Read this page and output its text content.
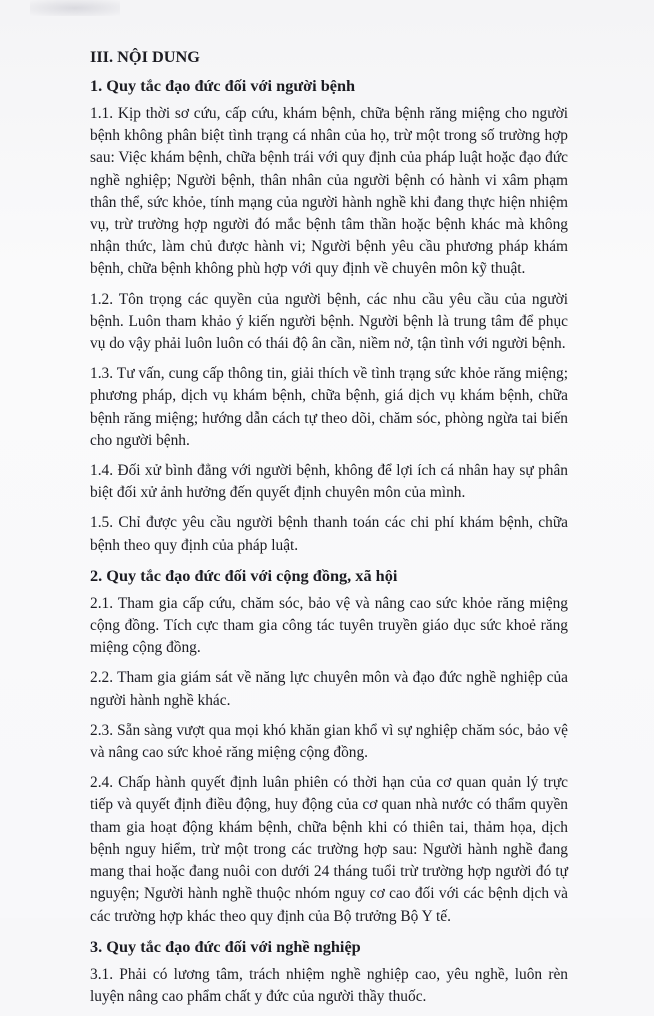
III. NỘI DUNG

1. Quy tắc đạo đức đối với người bệnh

1.1. Kịp thời sơ cứu, cấp cứu, khám bệnh, chữa bệnh răng miệng cho người bệnh không phân biệt tình trạng cá nhân của họ, trừ một trong số trường hợp sau: Việc khám bệnh, chữa bệnh trái với quy định của pháp luật hoặc đạo đức nghề nghiệp; Người bệnh, thân nhân của người bệnh có hành vi xâm phạm thân thể, sức khỏe, tính mạng của người hành nghề khi đang thực hiện nhiệm vụ, trừ trường hợp người đó mắc bệnh tâm thần hoặc bệnh khác mà không nhận thức, làm chủ được hành vi; Người bệnh yêu cầu phương pháp khám bệnh, chữa bệnh không phù hợp với quy định về chuyên môn kỹ thuật.

1.2. Tôn trọng các quyền của người bệnh, các nhu cầu yêu cầu của người bệnh. Luôn tham khảo ý kiến người bệnh. Người bệnh là trung tâm để phục vụ do vậy phải luôn luôn có thái độ ân cần, niềm nở, tận tình với người bệnh.

1.3. Tư vấn, cung cấp thông tin, giải thích về tình trạng sức khỏe răng miệng; phương pháp, dịch vụ khám bệnh, chữa bệnh, giá dịch vụ khám bệnh, chữa bệnh răng miệng; hướng dẫn cách tự theo dõi, chăm sóc, phòng ngừa tai biến cho người bệnh.

1.4. Đối xử bình đẳng với người bệnh, không để lợi ích cá nhân hay sự phân biệt đối xử ảnh hưởng đến quyết định chuyên môn của mình.

1.5. Chỉ được yêu cầu người bệnh thanh toán các chi phí khám bệnh, chữa bệnh theo quy định của pháp luật.

2. Quy tắc đạo đức đối với cộng đồng, xã hội

2.1. Tham gia cấp cứu, chăm sóc, bảo vệ và nâng cao sức khỏe răng miệng cộng đồng. Tích cực tham gia công tác tuyên truyền giáo dục sức khoẻ răng miệng cộng đồng.

2.2. Tham gia giám sát về năng lực chuyên môn và đạo đức nghề nghiệp của người hành nghề khác.

2.3. Sẵn sàng vượt qua mọi khó khăn gian khổ vì sự nghiệp chăm sóc, bảo vệ và nâng cao sức khoẻ răng miệng cộng đồng.

2.4. Chấp hành quyết định luân phiên có thời hạn của cơ quan quản lý trực tiếp và quyết định điều động, huy động của cơ quan nhà nước có thẩm quyền tham gia hoạt động khám bệnh, chữa bệnh khi có thiên tai, thảm họa, dịch bệnh nguy hiểm, trừ một trong các trường hợp sau: Người hành nghề đang mang thai hoặc đang nuôi con dưới 24 tháng tuổi trừ trường hợp người đó tự nguyện; Người hành nghề thuộc nhóm nguy cơ cao đối với các bệnh dịch và các trường hợp khác theo quy định của Bộ trưởng Bộ Y tế.

3. Quy tắc đạo đức đối với nghề nghiệp

3.1. Phải có lương tâm, trách nhiệm nghề nghiệp cao, yêu nghề, luôn rèn luyện nâng cao phẩm chất y đức của người thầy thuốc.
